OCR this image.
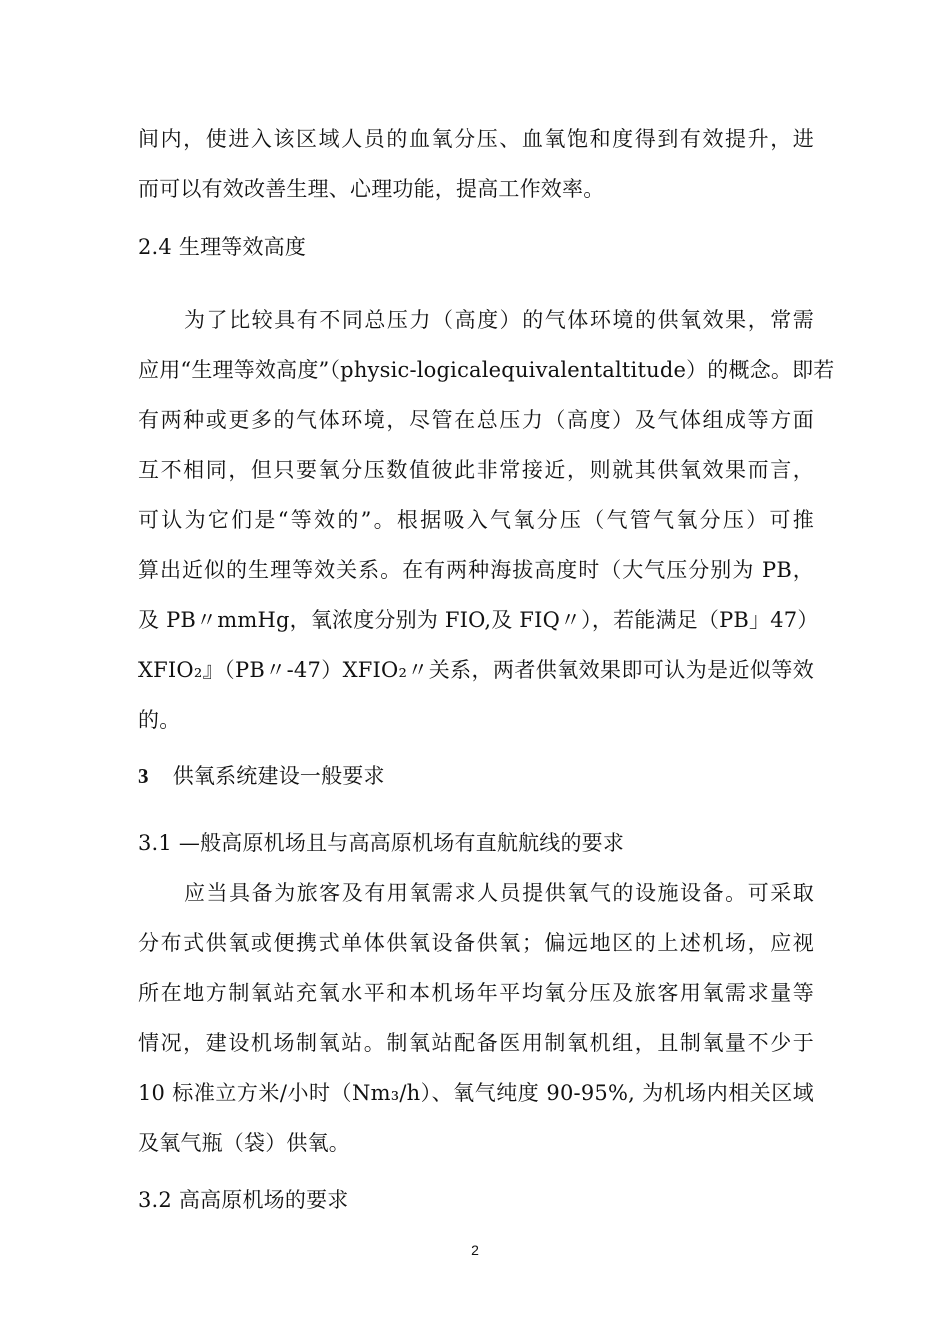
间内，使进入该区域人员的血氧分压、血氧饱和度得到有效提升，进
而可以有效改善生理、心理功能，提高工作效率。
2.4 生理等效高度
为了比较具有不同总压力（高度）的气体环境的供氧效果，常需
应用“生理等效高度”（physic-logicalequivalentaltitude）的概念。即若
有两种或更多的气体环境，尽管在总压力（高度）及气体组成等方面
互不相同，但只要氧分压数值彼此非常接近，则就其供氧效果而言，
可认为它们是“等效的”。根据吸入气氧分压（气管气氧分压）可推
算出近似的生理等效关系。在有两种海拔高度时（大气压分别为 PB，
及 PB〃mmHg，氧浓度分别为 FIO,及 FIQ〃），若能满足（PB」47）
XFIO₂』（PB〃-47）XFIO₂〃关系，两者供氧效果即可认为是近似等效
的。
3 供氧系统建设一般要求
3.1 —般高原机场且与高高原机场有直航航线的要求
应当具备为旅客及有用氧需求人员提供氧气的设施设备。可采取
分布式供氧或便携式单体供氧设备供氧；偏远地区的上述机场，应视
所在地方制氧站充氧水平和本机场年平均氧分压及旅客用氧需求量等
情况，建设机场制氧站。制氧站配备医用制氧机组，且制氧量不少于
10 标准立方米/小时（Nm₃/h）、氧气纯度 90-95%, 为机场内相关区域
及氧气瓶（袋）供氧。
3.2 高高原机场的要求
2
